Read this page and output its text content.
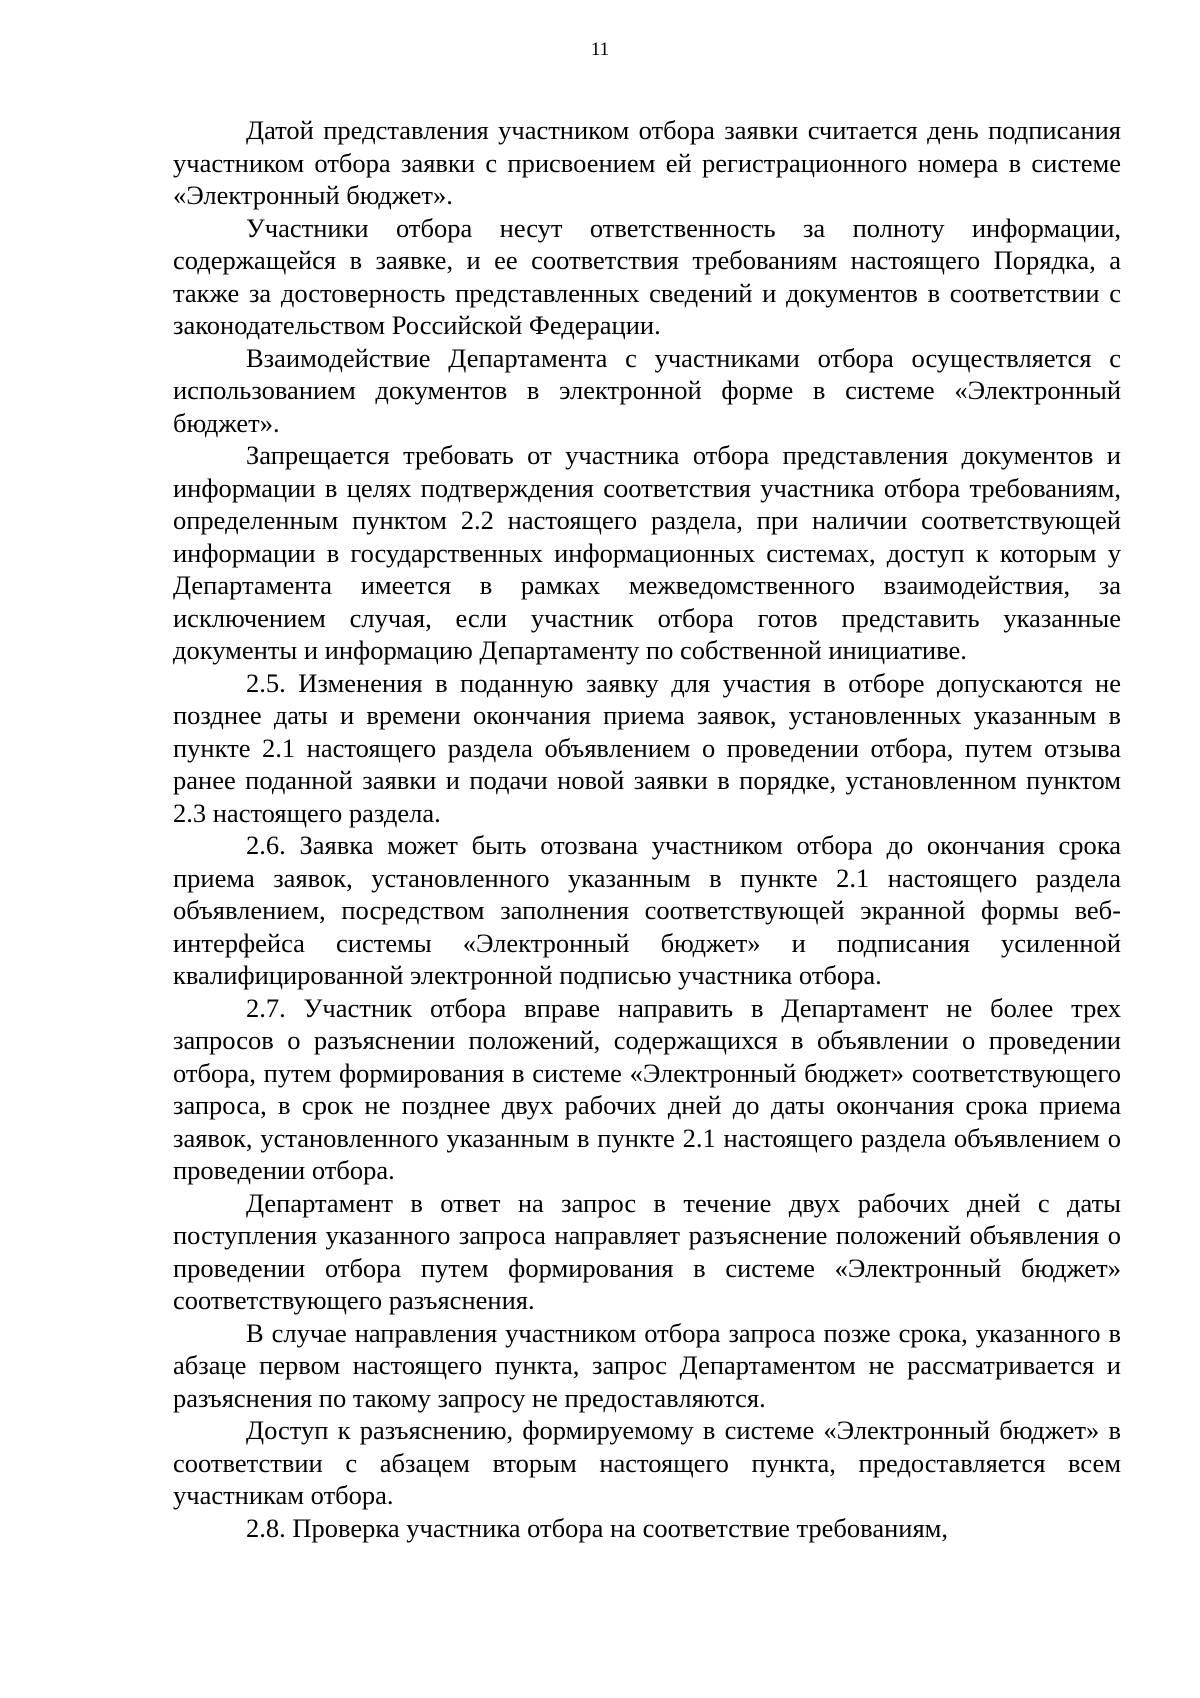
11

Датой представления участником отбора заявки считается день подписания участником отбора заявки с присвоением ей регистрационного номера в системе «Электронный бюджет».

Участники отбора несут ответственность за полноту информации, содержащейся в заявке, и ее соответствия требованиям настоящего Порядка, а также за достоверность представленных сведений и документов в соответствии с законодательством Российской Федерации.

Взаимодействие Департамента с участниками отбора осуществляется с использованием документов в электронной форме в системе «Электронный бюджет».

Запрещается требовать от участника отбора представления документов и информации в целях подтверждения соответствия участника отбора требованиям, определенным пунктом 2.2 настоящего раздела, при наличии соответствующей информации в государственных информационных системах, доступ к которым у Департамента имеется в рамках межведомственного взаимодействия, за исключением случая, если участник отбора готов представить указанные документы и информацию Департаменту по собственной инициативе.

2.5. Изменения в поданную заявку для участия в отборе допускаются не позднее даты и времени окончания приема заявок, установленных указанным в пункте 2.1 настоящего раздела объявлением о проведении отбора, путем отзыва ранее поданной заявки и подачи новой заявки в порядке, установленном пунктом 2.3 настоящего раздела.

2.6. Заявка может быть отозвана участником отбора до окончания срока приема заявок, установленного указанным в пункте 2.1 настоящего раздела объявлением, посредством заполнения соответствующей экранной формы веб-интерфейса системы «Электронный бюджет» и подписания усиленной квалифицированной электронной подписью участника отбора.

2.7. Участник отбора вправе направить в Департамент не более трех запросов о разъяснении положений, содержащихся в объявлении о проведении отбора, путем формирования в системе «Электронный бюджет» соответствующего запроса, в срок не позднее двух рабочих дней до даты окончания срока приема заявок, установленного указанным в пункте 2.1 настоящего раздела объявлением о проведении отбора.

Департамент в ответ на запрос в течение двух рабочих дней с даты поступления указанного запроса направляет разъяснение положений объявления о проведении отбора путем формирования в системе «Электронный бюджет» соответствующего разъяснения.

В случае направления участником отбора запроса позже срока, указанного в абзаце первом настоящего пункта, запрос Департаментом не рассматривается и разъяснения по такому запросу не предоставляются.

Доступ к разъяснению, формируемому в системе «Электронный бюджет» в соответствии с абзацем вторым настоящего пункта, предоставляется всем участникам отбора.

2.8. Проверка участника отбора на соответствие требованиям,
